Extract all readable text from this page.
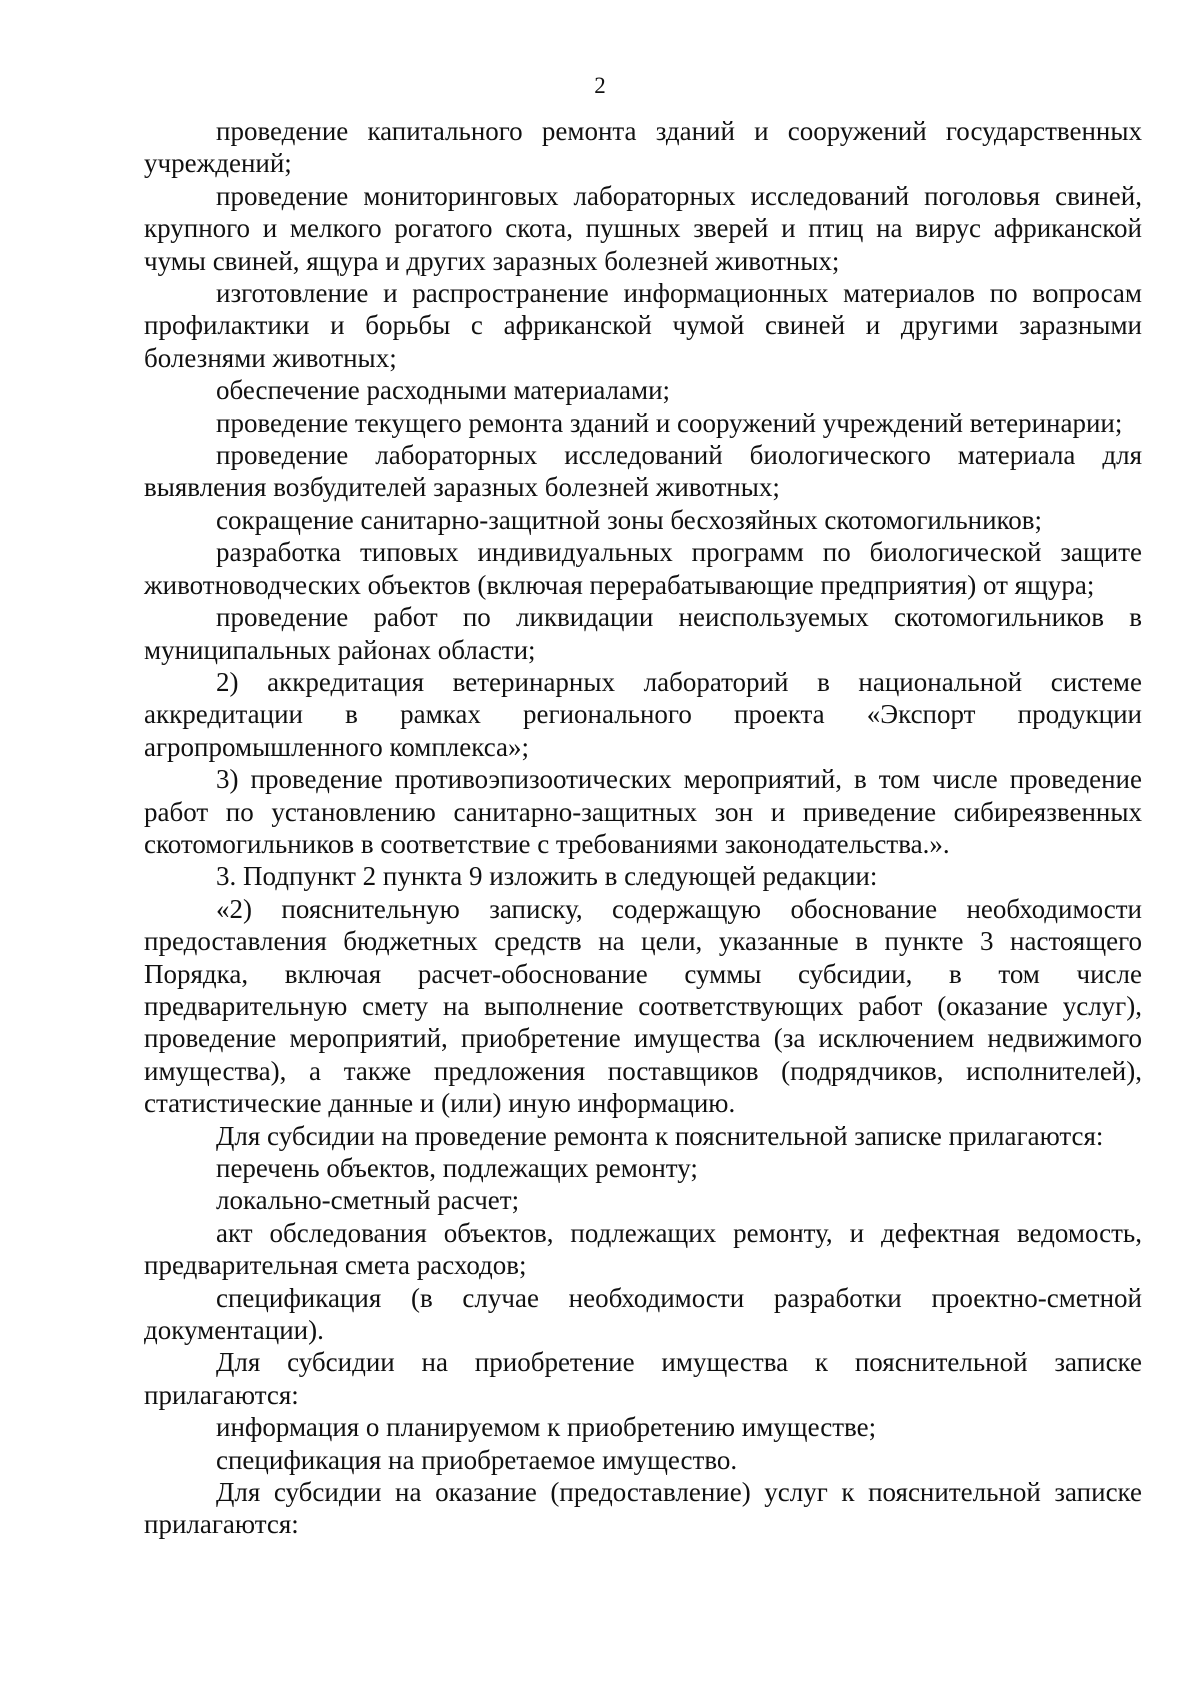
2

проведение капитального ремонта зданий и сооружений государственных учреждений;

проведение мониторинговых лабораторных исследований поголовья свиней, крупного и мелкого рогатого скота, пушных зверей и птиц на вирус африканской чумы свиней, ящура и других заразных болезней животных;

изготовление и распространение информационных материалов по вопросам профилактики и борьбы с африканской чумой свиней и другими заразными болезнями животных;

обеспечение расходными материалами;

проведение текущего ремонта зданий и сооружений учреждений ветеринарии;

проведение лабораторных исследований биологического материала для выявления возбудителей заразных болезней животных;

сокращение санитарно-защитной зоны бесхозяйных скотомогильников;

разработка типовых индивидуальных программ по биологической защите животноводческих объектов (включая перерабатывающие предприятия) от ящура;

проведение работ по ликвидации неиспользуемых скотомогильников в муниципальных районах области;

2) аккредитация ветеринарных лабораторий в национальной системе аккредитации в рамках регионального проекта «Экспорт продукции агропромышленного комплекса»;

3) проведение противоэпизоотических мероприятий, в том числе проведение работ по установлению санитарно-защитных зон и приведение сибиреязвенных скотомогильников в соответствие с требованиями законодательства.».

3. Подпункт 2 пункта 9 изложить в следующей редакции:

«2) пояснительную записку, содержащую обоснование необходимости предоставления бюджетных средств на цели, указанные в пункте 3 настоящего Порядка, включая расчет-обоснование суммы субсидии, в том числе предварительную смету на выполнение соответствующих работ (оказание услуг), проведение мероприятий, приобретение имущества (за исключением недвижимого имущества), а также предложения поставщиков (подрядчиков, исполнителей), статистические данные и (или) иную информацию.

Для субсидии на проведение ремонта к пояснительной записке прилагаются:

перечень объектов, подлежащих ремонту;

локально-сметный расчет;

акт обследования объектов, подлежащих ремонту, и дефектная ведомость, предварительная смета расходов;

спецификация (в случае необходимости разработки проектно-сметной документации).

Для субсидии на приобретение имущества к пояснительной записке прилагаются:

информация о планируемом к приобретению имуществе;

спецификация на приобретаемое имущество.

Для субсидии на оказание (предоставление) услуг к пояснительной записке прилагаются:
